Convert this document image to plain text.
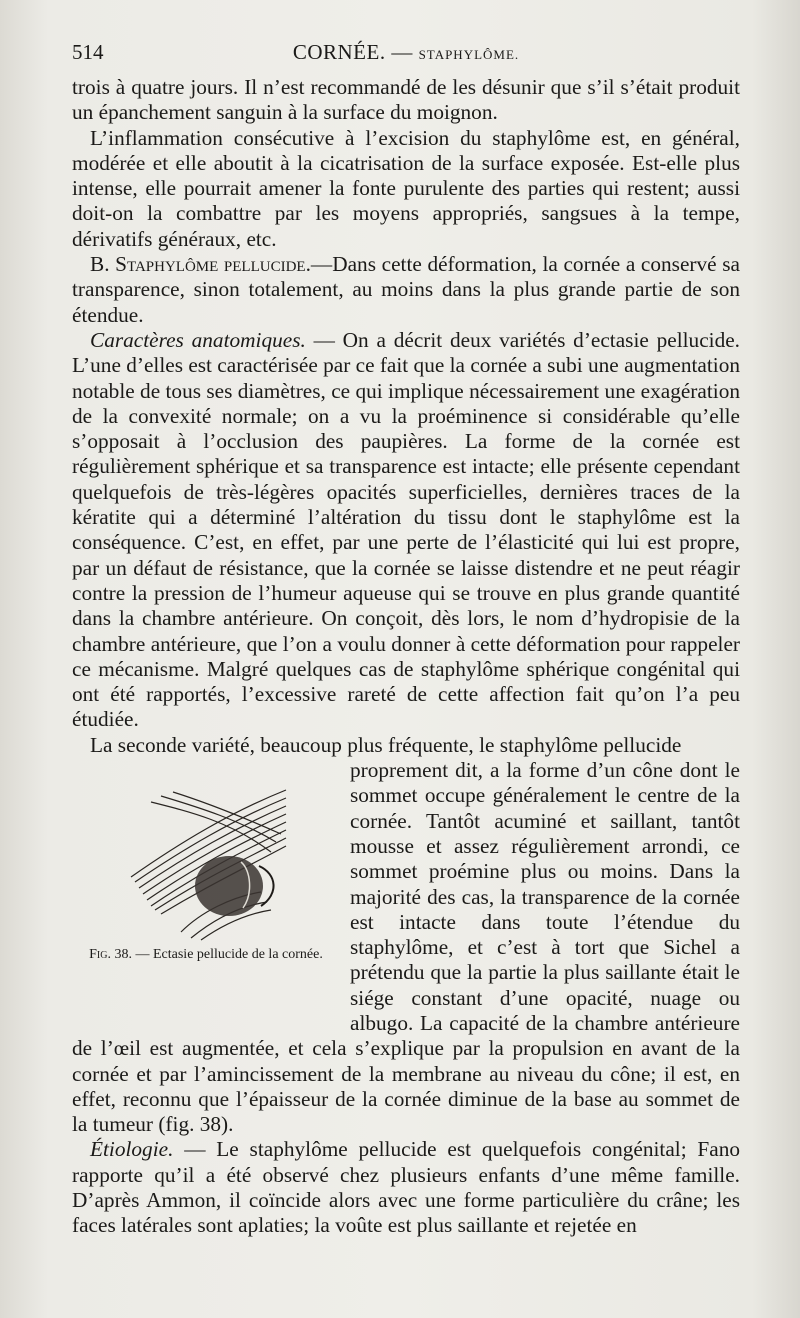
514	CORNÉE. — STAPHYLÔME.

trois à quatre jours. Il n’est recommandé de les désunir que s’il s’était produit un épanchement sanguin à la surface du moignon.

L’inflammation consécutive à l’excision du staphylôme est, en général, modérée et elle aboutit à la cicatrisation de la surface exposée. Est-elle plus intense, elle pourrait amener la fonte purulente des parties qui restent; aussi doit-on la combattre par les moyens appropriés, sangsues à la tempe, dérivatifs généraux, etc.

B. Staphylôme pellucide.—Dans cette déformation, la cornée a conservé sa transparence, sinon totalement, au moins dans la plus grande partie de son étendue.

Caractères anatomiques. — On a décrit deux variétés d’ectasie pellucide. L’une d’elles est caractérisée par ce fait que la cornée a subi une augmentation notable de tous ses diamètres, ce qui implique nécessairement une exagération de la convexité normale; on a vu la proéminence si considérable qu’elle s’opposait à l’occlusion des paupières. La forme de la cornée est régulièrement sphérique et sa transparence est intacte; elle présente cependant quelquefois de très-légères opacités superficielles, dernières traces de la kératite qui a déterminé l’altération du tissu dont le staphylôme est la conséquence. C’est, en effet, par une perte de l’élasticité qui lui est propre, par un défaut de résistance, que la cornée se laisse distendre et ne peut réagir contre la pression de l’humeur aqueuse qui se trouve en plus grande quantité dans la chambre antérieure. On conçoit, dès lors, le nom d’hydropisie de la chambre antérieure, que l’on a voulu donner à cette déformation pour rappeler ce mécanisme. Malgré quelques cas de staphylôme sphérique congénital qui ont été rapportés, l’excessive rareté de cette affection fait qu’on l’a peu étudiée.

La seconde variété, beaucoup plus fréquente, le staphylôme pellucide

Fig. 38. — Ectasie pellucide de la cornée.

proprement dit, a la forme d’un cône dont le sommet occupe généralement le centre de la cornée. Tantôt acuminé et saillant, tantôt mousse et assez régulièrement arrondi, ce sommet proémine plus ou moins. Dans la majorité des cas, la transparence de la cornée est intacte dans toute l’étendue du staphylôme, et c’est à tort que Sichel a prétendu que la partie la plus saillante était le siége constant d’une opacité, nuage ou albugo. La capacité de la chambre antérieure de l’œil est augmentée, et cela s’explique par la propulsion en avant de la cornée et par l’amincissement de la membrane au niveau du cône; il est, en effet, reconnu que l’épaisseur de la cornée diminue de la base au sommet de la tumeur (fig. 38).

Étiologie. — Le staphylôme pellucide est quelquefois congénital; Fano rapporte qu’il a été observé chez plusieurs enfants d’une même famille. D’après Ammon, il coïncide alors avec une forme particulière du crâne; les faces latérales sont aplaties; la voûte est plus saillante et rejetée en
